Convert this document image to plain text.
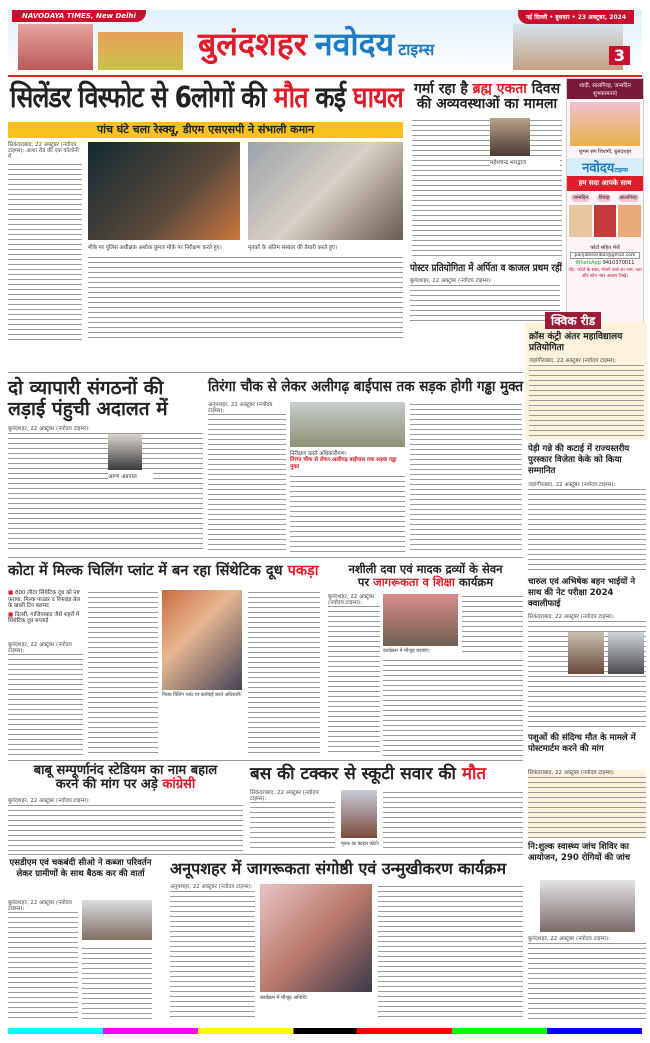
NAVODAYA TIMES, New Delhi
बुलंदशहर नवोदय टाइम्स
नई दिल्ली • बुधवार • 23 अक्टूबर, 2024
3
सिलेंडर विस्फोट से 6लोगों की मौत कई घायल
पांच घंटे चला रेस्क्यू, डीएम एसएसपी ने संभाली कमान
सिकंदराबाद, 22 अक्टूबर (नवोदय टाइम्स): आशा रोड की एक कॉलोनी में
मौके पर पुलिस अधीक्षक अशोक कुमार मौके पर निरीक्षण करते हुए।	मृतकों के अंतिम संस्कार की तैयारी करते हुए।
गर्मा रहा है ब्रह्म एकता दिवस
की अव्यवस्थाओं का मामला
महेशचन्द्र भारद्वाज
शादी, सालगिरह, जन्मदिन शुभकामनाएं
शुभम संग शिवांगी, बुलंदशहर
नवोदयटाइम्स
हम सदा आपके साथ
जन्मदिन	विवाह	सालगिरह
फोटो सहित भेजें
panjablearibar@gmail.com
WhatsApp 9410370011
नोट: फोटो के साथ, भेजने वाले का नाम, पता और फोन नंबर अवश्य लिखें।
पोस्टर प्रतियोगिता में अर्पिता व काजल प्रथम रहीं
बुलंदशहर, 22 अक्टूबर (नवोदय टाइम्स):
क्विक रीड
क्रॉस कंट्री अंतर महाविद्यालय प्रतियोगिता
जहांगीराबाद, 22 अक्टूबर (नवोदय टाइम्स):
दो व्यापारी संगठनों की
लड़ाई पंहुची अदालत में
बुलंदशहर, 22 अक्टूबर (नवोदय टाइम्स):
अरुण अग्रवाल
तिरंगा चौक से लेकर अलीगढ़ बाईपास तक सड़क होगी गड्ढा मुक्त
अनूपशहर, 22 अक्टूबर (नवोदय टाइम्स):
निरीक्षण करते अधिकारीगण।
तिरंगा चौक से लेकर अलीगढ़ बाईपास तक सड़क गड्ढा मुक्त
पेड़ी गन्ने की कटाई में राज्यस्तरीय पुरस्कार विजेता केके को किया सम्मानित
जहांगीराबाद, 22 अक्टूबर (नवोदय टाइम्स):
चारुल एवं अभिषेक बहन भाईयों ने साथ की नेट परीक्षा 2024 क्वालीफाई
सिकंदराबाद, 22 अक्टूबर (नवोदय टाइम्स):
कोटा में मिल्क चिलिंग प्लांट में बन रहा सिंथेटिक दूध पकड़ा
■ 800 लीटर सिंथेटिक दूध को नष्ट कराया, मिल्क पाउडर व रिफाइंड तेल के खाली टिन बरामद
■ दिल्ली, गाजियाबाद जैसे शहरों में सिंथेटिक दूध सप्लाई
बुलंदशहर, 22 अक्टूबर (नवोदय टाइम्स):
मिल्क चिलिंग प्लांट पर कार्रवाई करते अधिकारी।
नशीली दवा एवं मादक द्रव्यों के सेवन
पर जागरूकता व शिक्षा कार्यक्रम
बुलंदशहर, 22 अक्टूबर (नवोदय टाइम्स):
कार्यक्रम में मौजूद छात्राएं।
पशुओं की संदिग्ध मौत के मामले में पोस्टमार्टम करने की मांग
सिकंदराबाद, 22 अक्टूबर (नवोदय टाइम्स):
नि:शुल्क स्वास्थ्य जांच शिविर का आयोजन, 290 रोगियों की जांच
बुलंदशहर, 22 अक्टूबर (नवोदय टाइम्स):
बाबू सम्पूर्णानंद स्टेडियम का नाम बहाल
करने की मांग पर अड़े कांग्रेसी
बुलंदशहर, 22 अक्टूबर (नवोदय टाइम्स):
बस की टक्कर से स्कूटी सवार की मौत
सिकंदराबाद, 22 अक्टूबर (नवोदय टाइम्स):
मृतक का फाइल फोटो।
एसडीएम एवं चकबंदी सीओ ने कब्जा परिवर्तन लेकर ग्रामीणों के साथ बैठक कर की वार्ता
बुलंदशहर, 22 अक्टूबर (नवोदय टाइम्स):
अनूपशहर में जागरूकता संगोष्ठी एवं उन्मुखीकरण कार्यक्रम
अनूपशहर, 22 अक्टूबर (नवोदय टाइम्स):
कार्यक्रम में मौजूद अतिथि।
